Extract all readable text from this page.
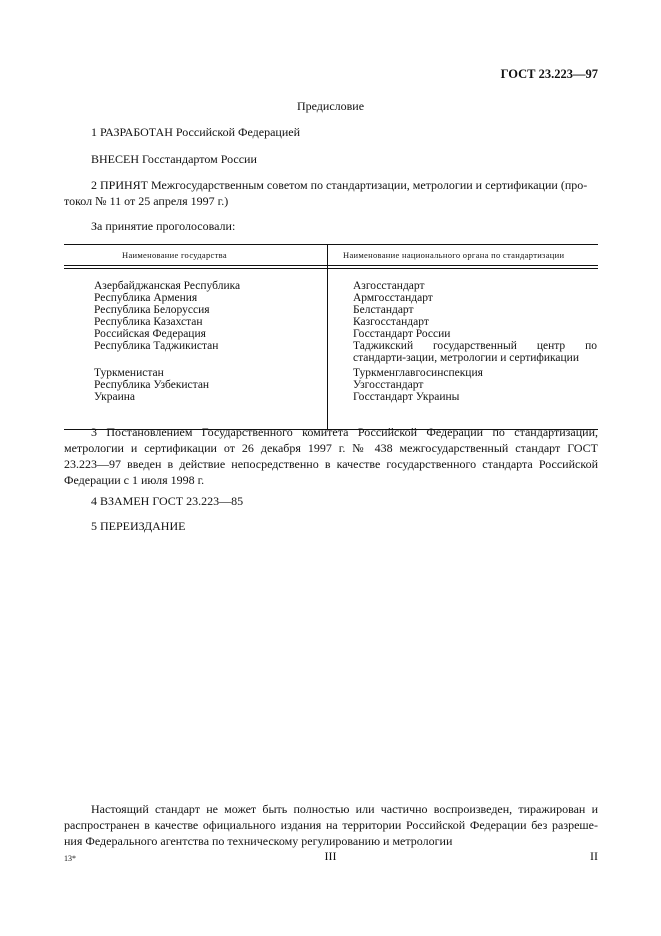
ГОСТ 23.223—97
Предисловие
1 РАЗРАБОТАН Российской Федерацией
ВНЕСЕН Госстандартом России

2 ПРИНЯТ Межгосударственным советом по стандартизации, метрологии и сертификации (про-

токол № 11 от 25 апреля 1997 г.)
За принятие проголосовали:
Наименование государства	Наименование национального органа по стандартизации
Азербайджанская Республика	Азгосстандарт
Республика Армения	Армгосстандарт
Республика Белоруссия	Белстандарт
Республика Казахстан	Казгосстандарт
Российская Федерация	Госстандарт России
Республика Таджикистан	Таджикский государственный центр по стандарти-зации, метрологии и сертификации
Туркменистан	Туркменглавгосинспекция
Республика Узбекистан	Узгосстандарт
Украина	Госстандарт Украины

3 Постановлением Государственного комитета Российской Федерации по стандартизации,

метрологии и сертификации от 26 декабря 1997 г. № 438 межгосударственный стандарт ГОСТ
23.223—97 введен в действие непосредственно в качестве государственного стандарта Российской
Федерации с 1 июля 1998 г.
4 ВЗАМЕН ГОСТ 23.223—85
5 ПЕРЕИЗДАНИЕ

Настоящий стандарт не может быть полностью или частично воспроизведен, тиражирован и

распространен в качестве официального издания на территории Российской Федерации без разреше-
ния Федерального агентства по техническому регулированию и метрологии
13*	III	II
